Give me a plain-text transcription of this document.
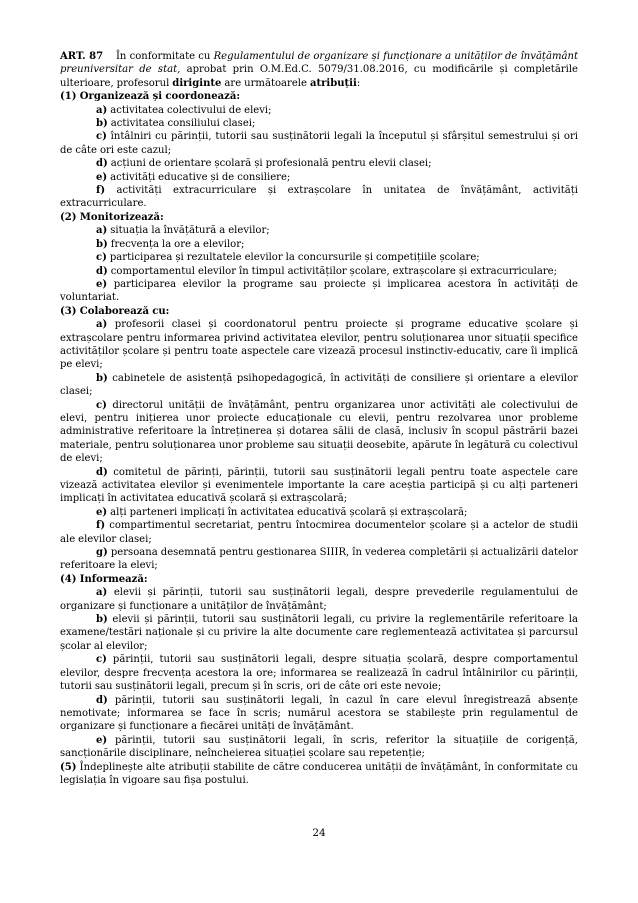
ART. 87 În conformitate cu Regulamentului de organizare și funcționare a unităților de învățământ preuniversitar de stat, aprobat prin O.M.Ed.C. 5079/31.08.2016, cu modificările și completările ulterioare, profesorul diriginte are următoarele atribuții:

(1) Organizează și coordonează:

a) activitatea colectivului de elevi;

b) activitatea consiliului clasei;

c) întâlniri cu părinții, tutorii sau susținătorii legali la începutul și sfârșitul semestrului și ori de câte ori este cazul;

d) acțiuni de orientare școlară și profesională pentru elevii clasei;

e) activități educative și de consiliere;

f) activități extracurriculare și extrașcolare în unitatea de învățământ, activități extracurriculare.

(2) Monitorizează:

a) situația la învățătură a elevilor;

b) frecvența la ore a elevilor;

c) participarea și rezultatele elevilor la concursurile și competițiile școlare;

d) comportamentul elevilor în timpul activităților școlare, extrașcolare și extracurriculare;

e) participarea elevilor la programe sau proiecte și implicarea acestora în activități de voluntariat.

(3) Colaborează cu:

a) profesorii clasei și coordonatorul pentru proiecte și programe educative școlare și extrașcolare pentru informarea privind activitatea elevilor, pentru soluționarea unor situații specifice activităților școlare și pentru toate aspectele care vizează procesul instinctiv-educativ, care îi implică pe elevi;

b) cabinetele de asistență psihopedagogică, în activități de consiliere și orientare a elevilor clasei;

c) directorul unității de învățământ, pentru organizarea unor activități ale colectivului de elevi, pentru inițierea unor proiecte educaționale cu elevii, pentru rezolvarea unor probleme administrative referitoare la întreținerea și dotarea sălii de clasă, inclusiv în scopul păstrării bazei materiale, pentru soluționarea unor probleme sau situații deosebite, apărute în legătură cu colectivul de elevi;

d) comitetul de părinți, părinții, tutorii sau susținătorii legali pentru toate aspectele care vizează activitatea elevilor și evenimentele importante la care aceștia participă și cu alți parteneri implicați în activitatea educativă școlară și extrașcolară;

e) alți parteneri implicați în activitatea educativă școlară și extrașcolară;

f) compartimentul secretariat, pentru întocmirea documentelor școlare și a actelor de studii ale elevilor clasei;

g) persoana desemnată pentru gestionarea SIIIR, în vederea completării și actualizării datelor referitoare la elevi;

(4) Informează:

a) elevii și părinții, tutorii sau susținătorii legali, despre prevederile regulamentului de organizare și funcționare a unităților de învățământ;

b) elevii și părinții, tutorii sau susținătorii legali, cu privire la reglementările referitoare la examene/testări naționale și cu privire la alte documente care reglementează activitatea și parcursul școlar al elevilor;

c) părinții, tutorii sau susținătorii legali, despre situația școlară, despre comportamentul elevilor, despre frecvența acestora la ore; informarea se realizează în cadrul întâlnirilor cu părinții, tutorii sau susținătorii legali, precum și în scris, ori de câte ori este nevoie;

d) părinții, tutorii sau susținătorii legali, în cazul în care elevul înregistrează absențe nemotivate; informarea se face în scris; numărul acestora se stabilește prin regulamentul de organizare și funcționare a fiecărei unități de învățământ.

e) părinții, tutorii sau susținătorii legali, în scris, referitor la situațiile de corigență, sancționările disciplinare, neîncheierea situației școlare sau repetenție;

(5) Îndeplinește alte atribuții stabilite de către conducerea unității de învățământ, în conformitate cu legislația în vigoare sau fișa postului.

24
